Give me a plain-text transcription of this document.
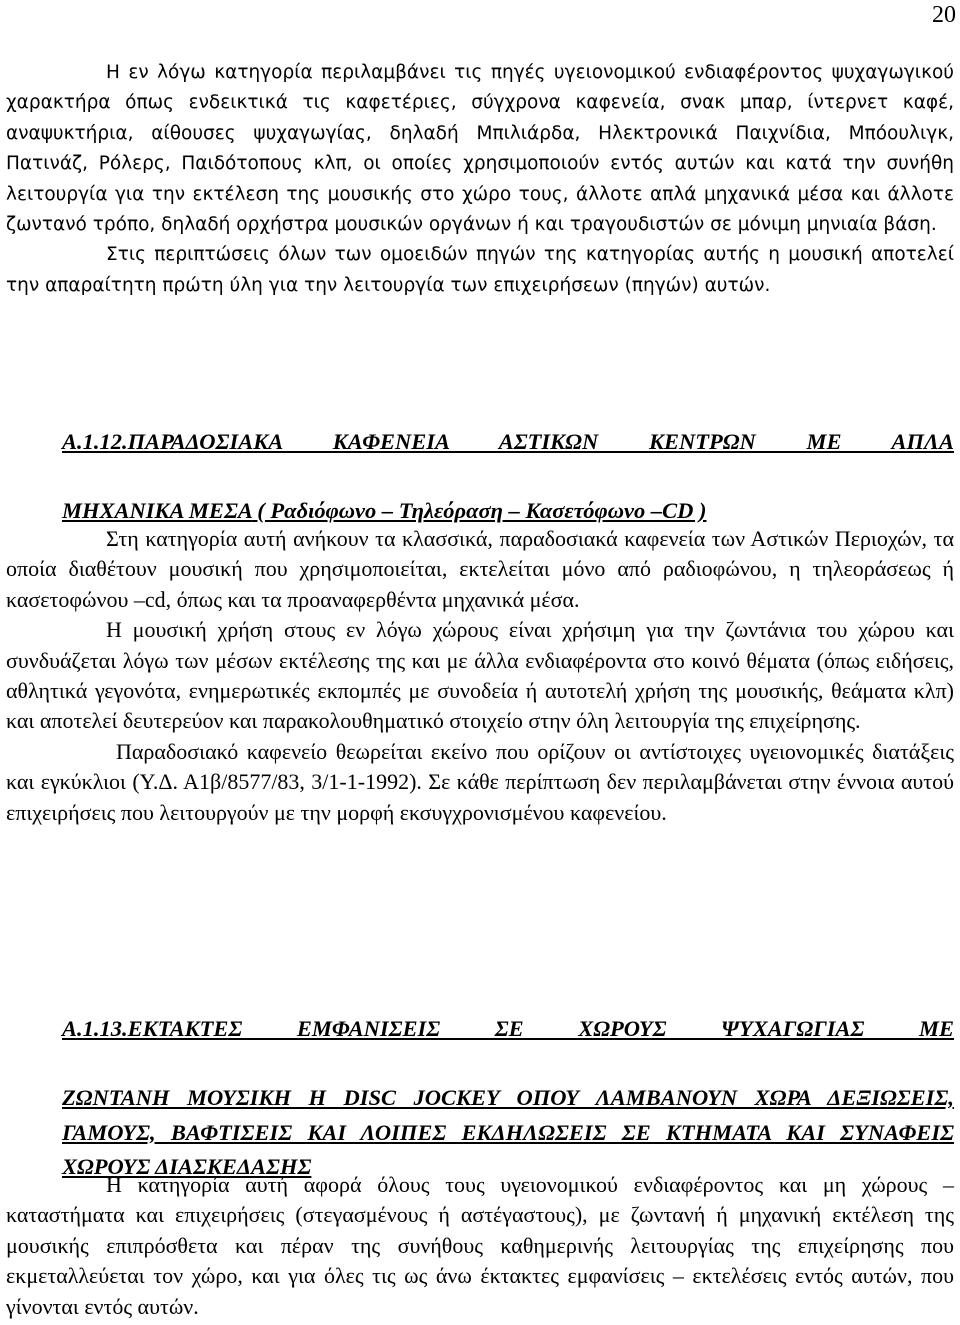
20

Η εν λόγω κατηγορία περιλαμβάνει τις πηγές υγειονομικού ενδιαφέροντος ψυχαγωγικού χαρακτήρα όπως ενδεικτικά τις καφετέριες, σύγχρονα καφενεία, σνακ μπαρ, ίντερνετ καφέ, αναψυκτήρια, αίθουσες ψυχαγωγίας, δηλαδή Μπιλιάρδα, Ηλεκτρονικά Παιχνίδια, Μπόουλιγκ, Πατινάζ, Ρόλερς, Παιδότοπους κλπ, οι οποίες χρησιμοποιούν εντός αυτών και κατά την συνήθη λειτουργία για την εκτέλεση της μουσικής στο χώρο τους, άλλοτε απλά μηχανικά μέσα και άλλοτε ζωντανό τρόπο, δηλαδή ορχήστρα μουσικών οργάνων ή και τραγουδιστών σε μόνιμη μηνιαία βάση.

Στις περιπτώσεις όλων των ομοειδών πηγών της κατηγορίας αυτής η μουσική αποτελεί την απαραίτητη πρώτη ύλη για την λειτουργία των επιχειρήσεων (πηγών) αυτών.

Α.1.12.ΠΑΡΑΔΟΣΙΑΚΑ ΚΑΦΕΝΕΙΑ ΑΣΤΙΚΩΝ ΚΕΝΤΡΩΝ ΜΕ ΑΠΛΑΜΗΧΑΝΙΚΑ ΜΕΣΑ ( Ραδιόφωνο – Τηλεόραση – Κασετόφωνο –CD )

Στη κατηγορία αυτή ανήκουν τα κλασσικά, παραδοσιακά καφενεία των Αστικών Περιοχών, τα οποία διαθέτουν μουσική που χρησιμοποιείται, εκτελείται μόνο από ραδιοφώνου, η τηλεοράσεως ή κασετοφώνου –cd, όπως και τα προαναφερθέντα μηχανικά μέσα.

Η μουσική χρήση στους εν λόγω χώρους είναι χρήσιμη για την ζωντάνια του χώρου και συνδυάζεται λόγω των μέσων εκτέλεσης της και με άλλα ενδιαφέροντα στο κοινό θέματα (όπως ειδήσεις, αθλητικά γεγονότα, ενημερωτικές εκπομπές με συνοδεία ή αυτοτελή χρήση της μουσικής, θεάματα κλπ) και αποτελεί δευτερεύον και παρακολουθηματικό στοιχείο στην όλη λειτουργία της επιχείρησης.

Παραδοσιακό καφενείο θεωρείται εκείνο που ορίζουν οι αντίστοιχες υγειονομικές διατάξεις και εγκύκλιοι (Υ.Δ. Α1β/8577/83, 3/1-1-1992). Σε κάθε περίπτωση δεν περιλαμβάνεται στην έννοια αυτού επιχειρήσεις που λειτουργούν με την μορφή εκσυγχρονισμένου καφενείου.

Α.1.13.ΕΚΤΑΚΤΕΣ ΕΜΦΑΝΙΣΕΙΣ ΣΕ ΧΩΡΟΥΣ ΨΥΧΑΓΩΓΙΑΣ ΜΕΖΩΝΤΑΝΗ ΜΟΥΣΙΚΗ Η DISC JOCKEY ΟΠΟΥ ΛΑΜΒΑΝΟΥΝ ΧΩΡΑ ΔΕΞΙΩΣΕΙΣ, ΓΑΜΟΥΣ, ΒΑΦΤΙΣΕΙΣ ΚΑΙ ΛΟΙΠΕΣ ΕΚΔΗΛΩΣΕΙΣ ΣΕ ΚΤΗΜΑΤΑ ΚΑΙ ΣΥΝΑΦΕΙΣ ΧΩΡΟΥΣ ΔΙΑΣΚΕΔΑΣΗΣ

Η κατηγορία αυτή αφορά όλους τους υγειονομικού ενδιαφέροντος και μη χώρους – καταστήματα και επιχειρήσεις (στεγασμένους ή αστέγαστους), με ζωντανή ή μηχανική εκτέλεση της μουσικής επιπρόσθετα και πέραν της συνήθους καθημερινής λειτουργίας της επιχείρησης που εκμεταλλεύεται τον χώρο, και για όλες τις ως άνω έκτακτες εμφανίσεις – εκτελέσεις εντός αυτών, που γίνονται εντός αυτών.
